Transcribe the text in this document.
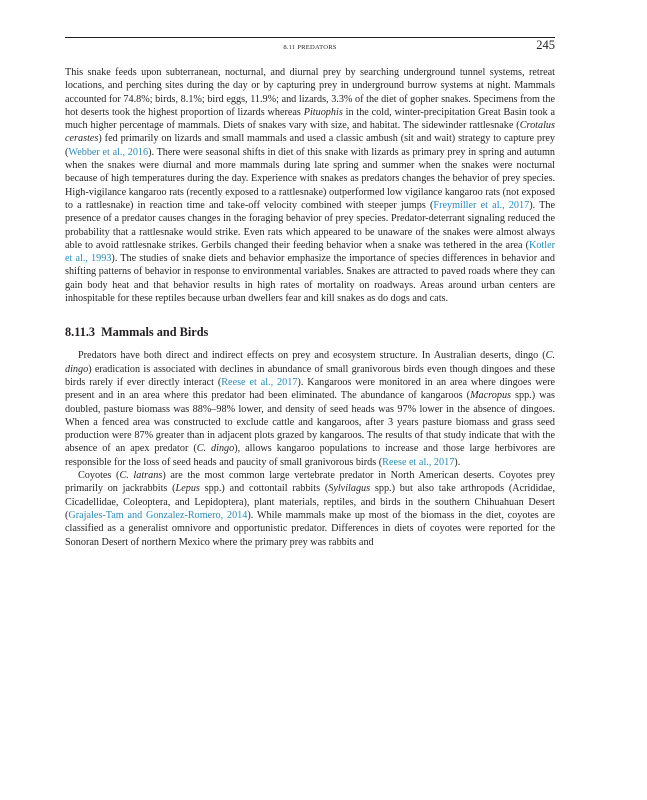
8.11 PREDATORS	245

This snake feeds upon subterranean, nocturnal, and diurnal prey by searching underground tunnel systems, retreat locations, and perching sites during the day or by capturing prey in underground burrow systems at night. Mammals accounted for 74.8%; birds, 8.1%; bird eggs, 11.9%; and lizards, 3.3% of the diet of gopher snakes. Specimens from the hot deserts took the highest proportion of lizards whereas Pituophis in the cold, winter-precipitation Great Basin took a much higher percentage of mammals. Diets of snakes vary with size, and habitat. The sidewinder rattlesnake (Crotalus cerastes) fed primarily on lizards and small mammals and used a classic ambush (sit and wait) strategy to capture prey (Webber et al., 2016). There were seasonal shifts in diet of this snake with lizards as primary prey in spring and autumn when the snakes were diurnal and more mammals during late spring and summer when the snakes were nocturnal because of high temperatures during the day. Experience with snakes as predators changes the behavior of prey species. High-vigilance kangaroo rats (recently exposed to a rattlesnake) outperformed low vigilance kangaroo rats (not exposed to a rattlesnake) in reaction time and take-off velocity combined with steeper jumps (Freymiller et al., 2017). The presence of a predator causes changes in the foraging behavior of prey species. Predator-deterrant signaling reduced the probability that a rattlesnake would strike. Even rats which appeared to be unaware of the snakes were almost always able to avoid rattlesnake strikes. Gerbils changed their feeding behavior when a snake was tethered in the area (Kotler et al., 1993). The studies of snake diets and behavior emphasize the importance of species differences in behavior and shifting patterns of behavior in response to environmental variables. Snakes are attracted to paved roads where they can gain body heat and that behavior results in high rates of mortality on roadways. Areas around urban centers are inhospitable for these reptiles because urban dwellers fear and kill snakes as do dogs and cats.

8.11.3 Mammals and Birds

Predators have both direct and indirect effects on prey and ecosystem structure. In Australian deserts, dingo (C. dingo) eradication is associated with declines in abundance of small granivorous birds even though dingoes and these birds rarely if ever directly interact (Reese et al., 2017). Kangaroos were monitored in an area where dingoes were present and in an area where this predator had been eliminated. The abundance of kangaroos (Macropus spp.) was doubled, pasture biomass was 88%–98% lower, and density of seed heads was 97% lower in the absence of dingoes. When a fenced area was constructed to exclude cattle and kangaroos, after 3 years pasture biomass and grass seed production were 87% greater than in adjacent plots grazed by kangaroos. The results of that study indicate that with the absence of an apex predator (C. dingo), allows kangaroo populations to increase and those large herbivores are responsible for the loss of seed heads and paucity of small granivorous birds (Reese et al., 2017).

Coyotes (C. latrans) are the most common large vertebrate predator in North American deserts. Coyotes prey primarily on jackrabbits (Lepus spp.) and cottontail rabbits (Sylvilagus spp.) but also take arthropods (Acrididae, Cicadellidae, Coleoptera, and Lepidoptera), plant materials, reptiles, and birds in the southern Chihuahuan Desert (Grajales-Tam and Gonzalez-Romero, 2014). While mammals make up most of the biomass in the diet, coyotes are classified as a generalist omnivore and opportunistic predator. Differences in diets of coyotes were reported for the Sonoran Desert of northern Mexico where the primary prey was rabbits and
